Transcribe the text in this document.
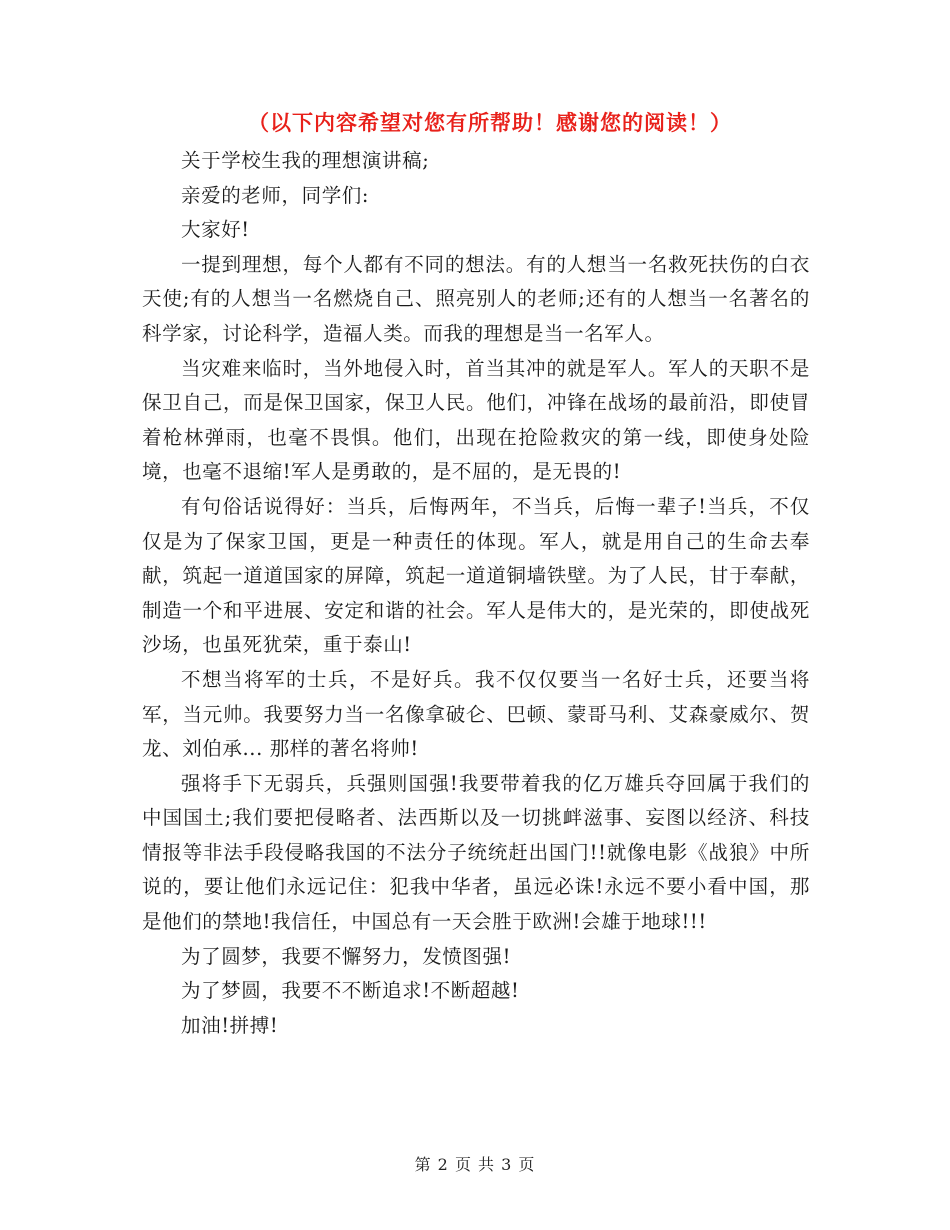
（以下内容希望对您有所帮助！感谢您的阅读！）

关于学校生我的理想演讲稿;

亲爱的老师，同学们:

大家好!

一提到理想，每个人都有不同的想法。有的人想当一名救死扶伤的白衣天使;有的人想当一名燃烧自己、照亮别人的老师;还有的人想当一名著名的科学家，讨论科学，造福人类。而我的理想是当一名军人。

当灾难来临时，当外地侵入时，首当其冲的就是军人。军人的天职不是保卫自己，而是保卫国家，保卫人民。他们，冲锋在战场的最前沿，即使冒着枪林弹雨，也毫不畏惧。他们，出现在抢险救灾的第一线，即使身处险境，也毫不退缩!军人是勇敢的，是不屈的，是无畏的!

有句俗话说得好：当兵，后悔两年，不当兵，后悔一辈子!当兵，不仅仅是为了保家卫国，更是一种责任的体现。军人，就是用自己的生命去奉献，筑起一道道国家的屏障，筑起一道道铜墙铁壁。为了人民，甘于奉献，制造一个和平进展、安定和谐的社会。军人是伟大的，是光荣的，即使战死沙场，也虽死犹荣，重于泰山!

不想当将军的士兵，不是好兵。我不仅仅要当一名好士兵，还要当将军，当元帅。我要努力当一名像拿破仑、巴顿、蒙哥马利、艾森豪威尔、贺龙、刘伯承... 那样的著名将帅!

强将手下无弱兵，兵强则国强!我要带着我的亿万雄兵夺回属于我们的中国国土;我们要把侵略者、法西斯以及一切挑衅滋事、妄图以经济、科技情报等非法手段侵略我国的不法分子统统赶出国门!!就像电影《战狼》中所说的，要让他们永远记住：犯我中华者，虽远必诛!永远不要小看中国，那是他们的禁地!我信任，中国总有一天会胜于欧洲!会雄于地球!!!

为了圆梦，我要不懈努力，发愤图强!

为了梦圆，我要不不断追求!不断超越!

加油!拼搏!

第 2 页 共 3 页
